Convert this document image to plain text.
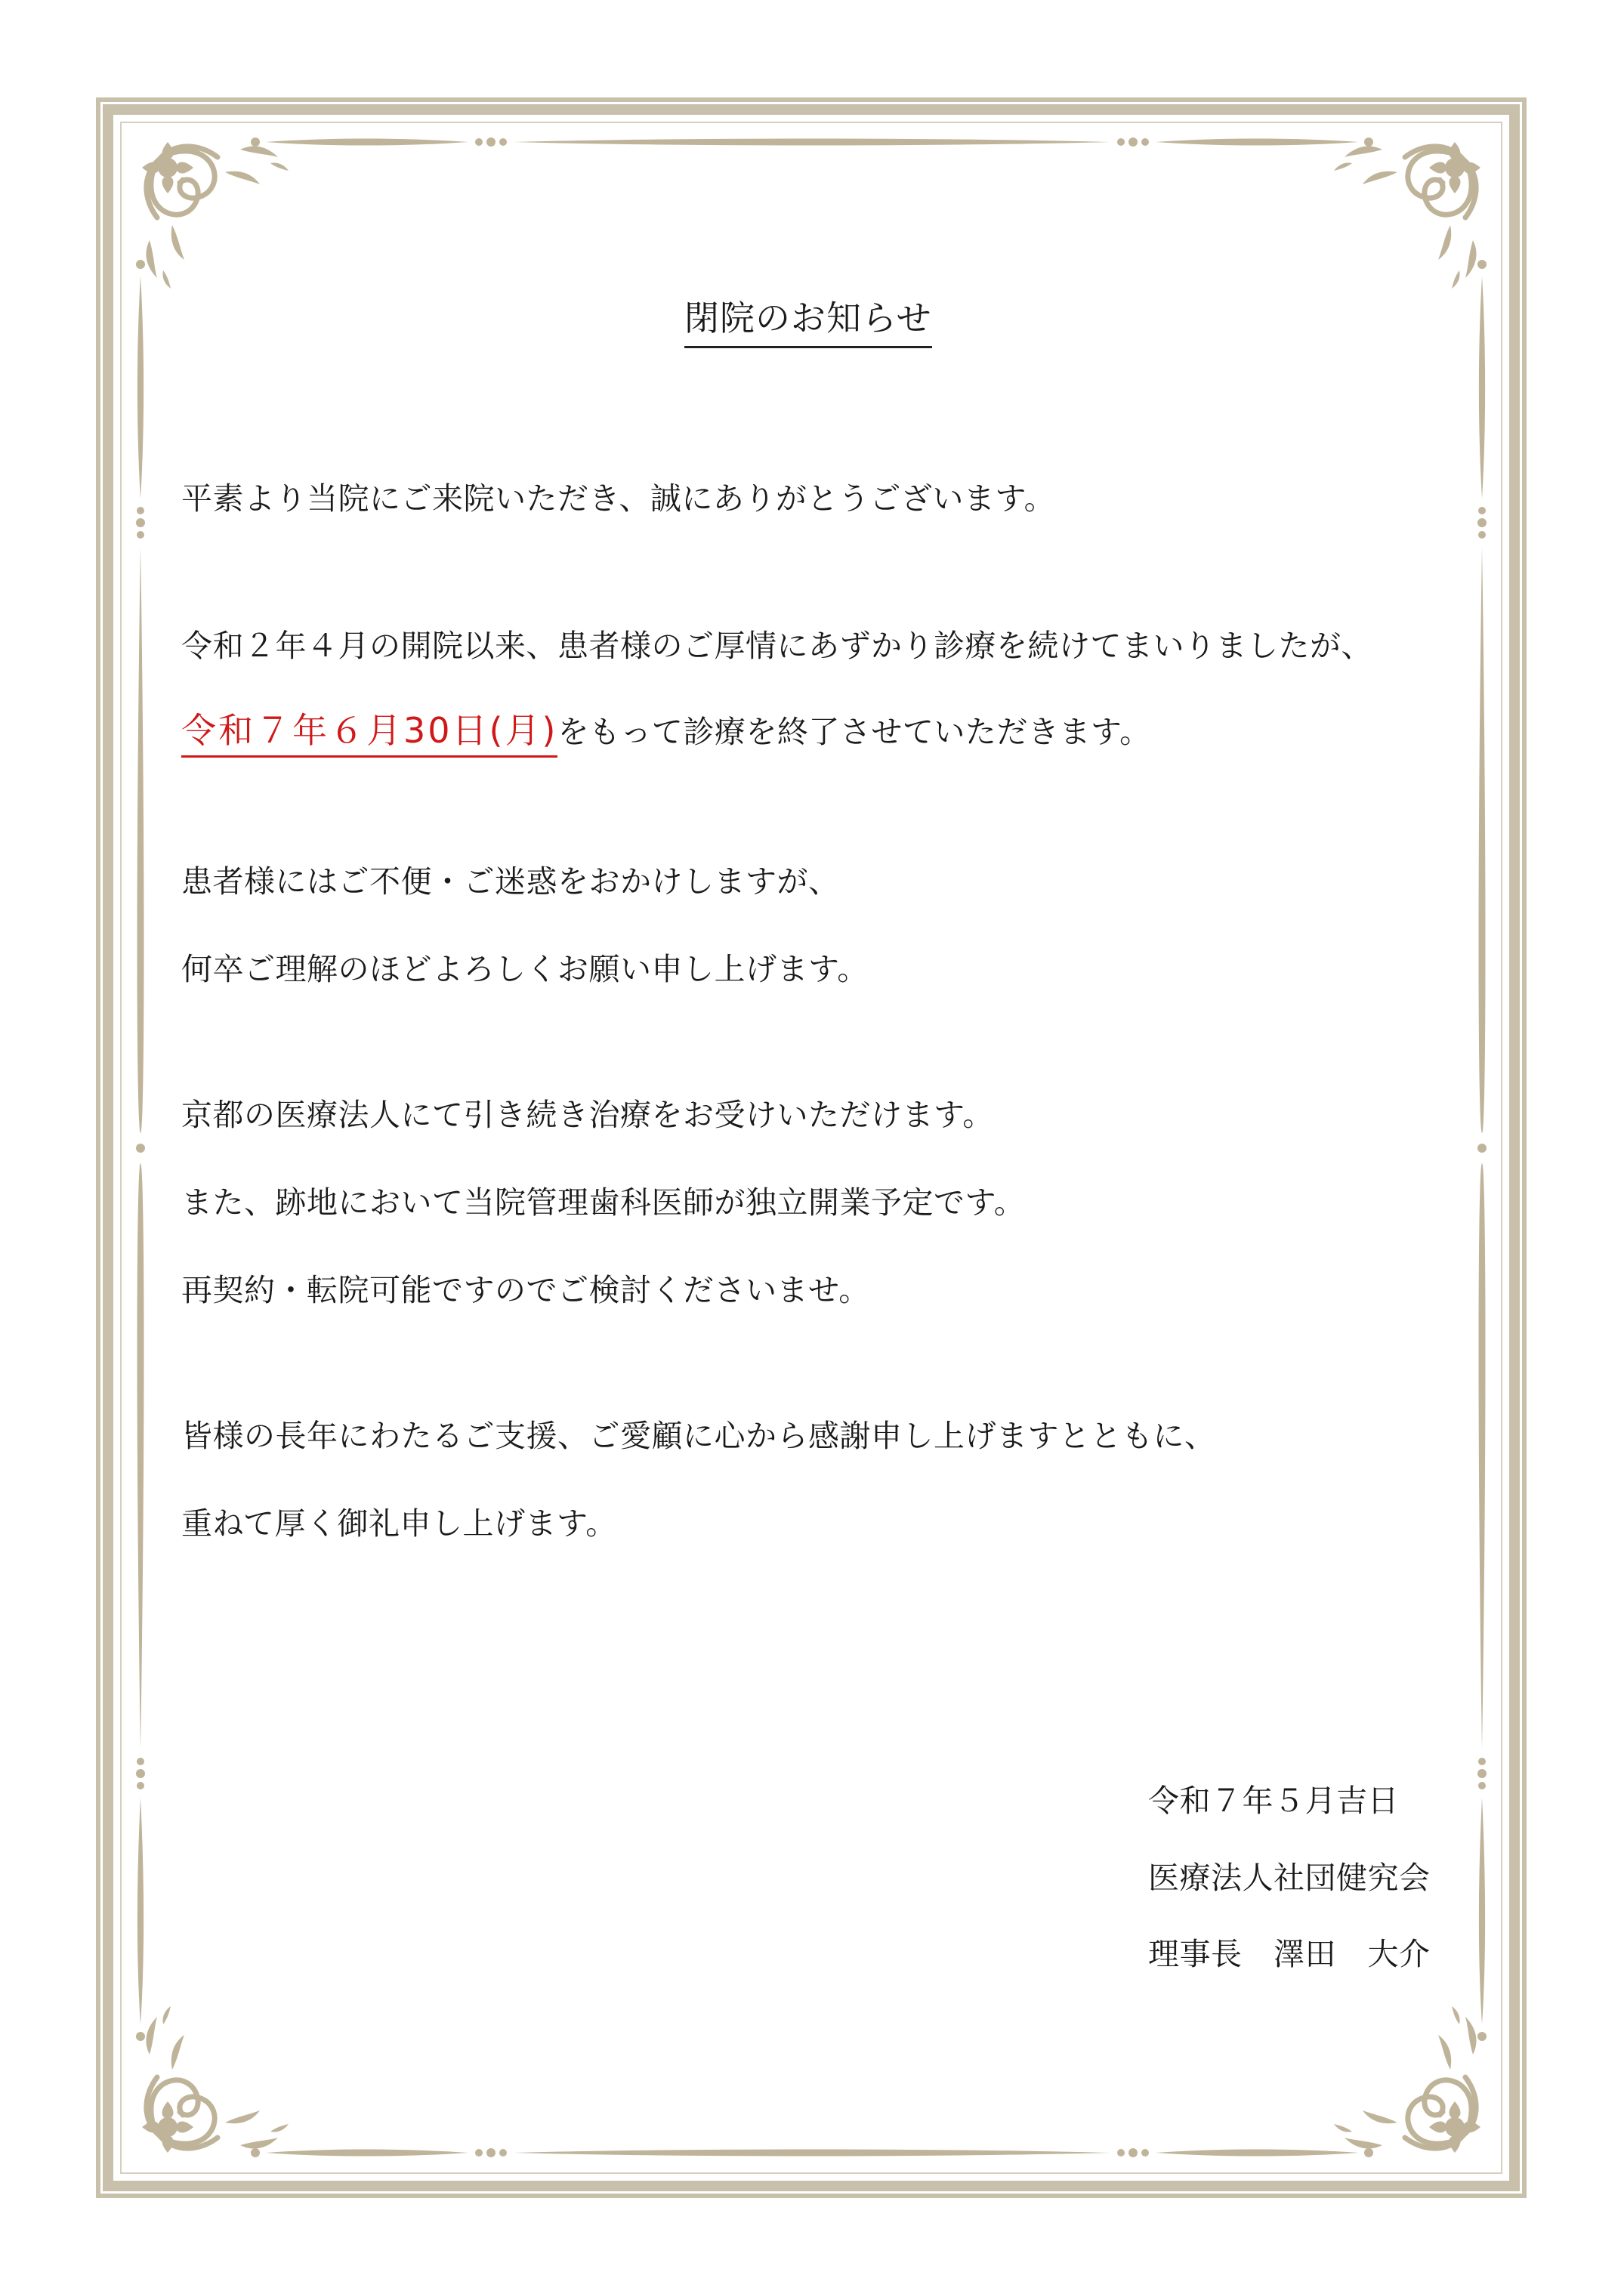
閉院のお知らせ
平素より当院にご来院いただき、誠にありがとうございます。
令和２年４月の開院以来、患者様のご厚情にあずかり診療を続けてまいりましたが、
令和７年６月30日(月)をもって診療を終了させていただきます。
患者様にはご不便・ご迷惑をおかけしますが、
何卒ご理解のほどよろしくお願い申し上げます。
京都の医療法人にて引き続き治療をお受けいただけます。
また、跡地において当院管理歯科医師が独立開業予定です。
再契約・転院可能ですのでご検討くださいませ。
皆様の長年にわたるご支援、ご愛顧に心から感謝申し上げますとともに、
重ねて厚く御礼申し上げます。
令和７年５月吉日
医療法人社団健究会
理事長　澤田　大介
